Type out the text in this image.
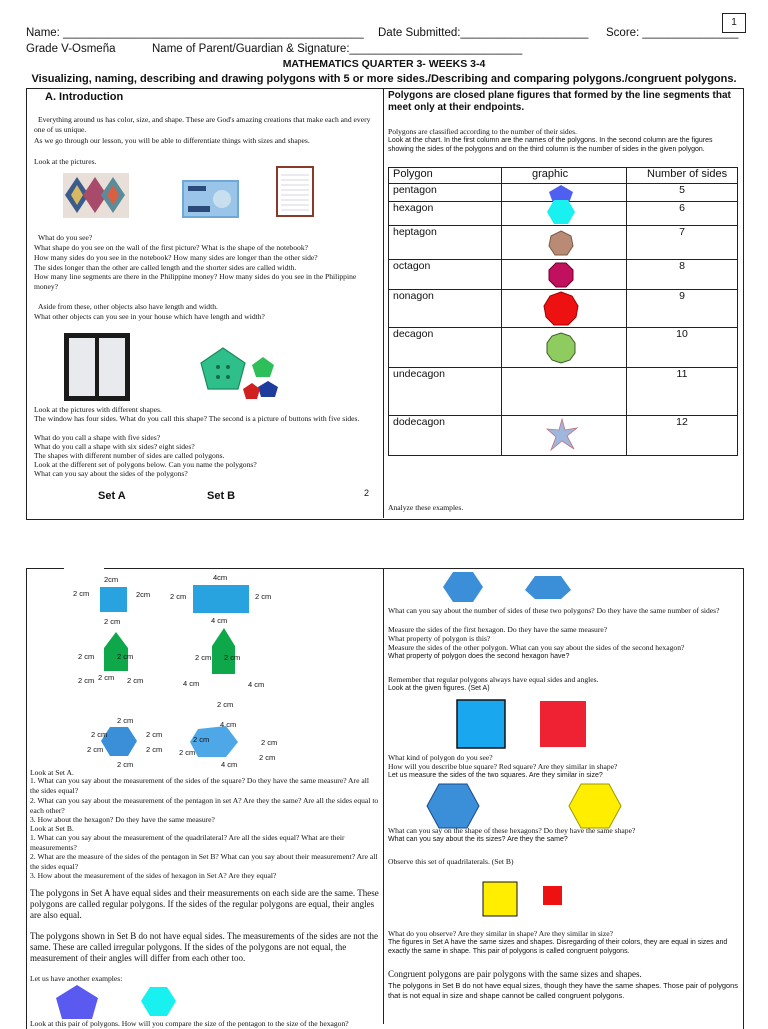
Name: _______________________________________________ Date Submitted:____________________ Score: _______________
1
Grade V-Osmeña	Name of Parent/Guardian & Signature:___________________________
MATHEMATICS QUARTER 3- WEEKS 3-4
Visualizing, naming, describing and drawing polygons with 5 or more sides./Describing and comparing polygons./congruent polygons.
A. Introduction
Everything around us has color, size, and shape. These are God's amazing creations that make each and every one of us unique.
As we go through our lesson, you will be able to differentiate things with sizes and shapes.
Look at the pictures.
What do you see?
What shape do you see on the wall of the first picture? What is the shape of the notebook?
How many sides do you see in the notebook? How many sides are longer than the other side?
The sides longer than the other are called length and the shorter sides are called width.
How many line segments are there in the Philippine money? How many sides do you see in the Philippine money?
Aside from these, other objects also have length and width.
What other objects can you see in your house which have length and width?
Look at the pictures with different shapes.
The window has four sides. What do you call this shape? The second is a picture of buttons with five sides.
What do you call a shape with five sides?
What do you call a shape with six sides? eight sides?
The shapes with different number of sides are called polygons.
Look at the different set of polygons below. Can you name the polygons?
What can you say about the sides of the polygons?
Set A	Set B	2
Polygons are closed plane figures that formed by the line segments that meet only at their endpoints.
Polygons are classified according to the number of their sides.
Look at the chart. In the first column are the names of the polygons. In the second column are the figures showing the sides of the polygons and on the third column is the number of sides in the given polygon.
Polygon	graphic	Number of sides
pentagon		5
hexagon		6
heptagon		7
octagon		8
nonagon		9
decagon		10
undecagon		11
dodecagon		12
Analyze these examples.
2cm
2 cm	2cm
2 cm
4cm
2 cm	2 cm
4 cm
2 cm	2 cm
2 cm	2 cm
2 cm
2 cm 2 cm
4 cm	4 cm
2 cm
2 cm
2 cm	2 cm
2 cm	2 cm
2 cm
4 cm
2 cm	2 cm
2 cm
2 cm
4 cm
Look at Set A.
1. What can you say about the measurement of the sides of the square? Do they have the same measure? Are all the sides equal?
2. What can you say about the measurement of the pentagon in set A? Are they the same? Are all the sides equal to each other?
3. How about the hexagon? Do they have the same measure?
Look at Set B.
1. What can you say about the measurement of the quadrilateral? Are all the sides equal? What are their measurements?
2. What are the measure of the sides of the pentagon in Set B? What can you say about their measurement? Are all the sides equal?
3. How about the measurement of the sides of hexagon in Set A? Are they equal?
The polygons in Set A have equal sides and their measurements on each side are the same. These polygons are called regular polygons. If the sides of the regular polygons are equal, their angles are also equal.
The polygons shown in Set B do not have equal sides. The measurements of the sides are not the same. These are called irregular polygons. If the sides of the polygons are not equal, the measurement of their angles will differ from each other too.
Let us have another examples:
Look at this pair of polygons. How will you compare the size of the pentagon to the size of the hexagon?
What can you say about the number of sides of these two polygons? Do they have the same number of sides?
Measure the sides of the first hexagon. Do they have the same measure?
What property of polygon is this?
Measure the sides of the other polygon. What can you say about the sides of the second hexagon?
What property of polygon does the second hexagon have?
Remember that regular polygons always have equal sides and angles.
Look at the given figures. (Set A)
What kind of polygon do you see?
How will you describe blue square? Red square? Are they similar in shape?
Let us measure the sides of the two squares. Are they similar in size?
What can you say on the shape of these hexagons? Do they have the same shape?
What can you say about the its sizes? Are they the same?
Observe this set of quadrilaterals. (Set B)
What do you observe? Are they similar in shape? Are they similar in size?
The figures in Set A have the same sizes and shapes. Disregarding of their colors, they are equal in sizes and exactly the same in shape. This pair of polygons is called congruent polygons.
Congruent polygons are pair polygons with the same sizes and shapes.
The polygons in Set B do not have equal sizes, though they have the same shapes. Those pair of polygons that is not equal in size and shape cannot be called congruent polygons.
